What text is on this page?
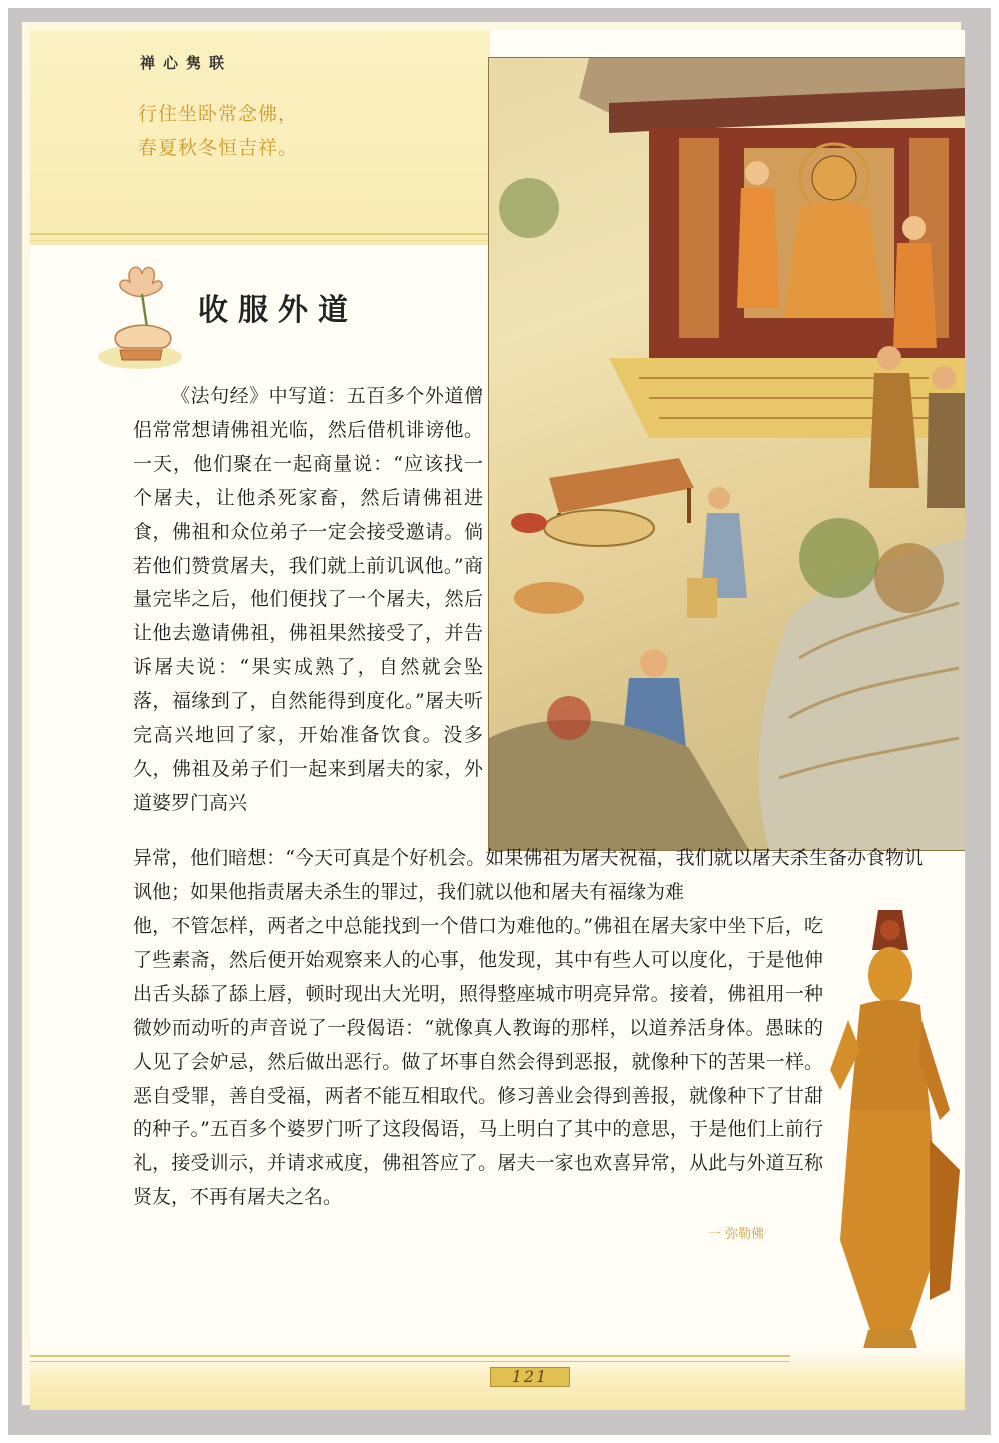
禅心隽联
行住坐卧常念佛，
春夏秋冬恒吉祥。
收服外道
《法句经》中写道：五百多个外道僧侣常常想请佛祖光临，然后借机诽谤他。一天，他们聚在一起商量说：“应该找一个屠夫，让他杀死家畜，然后请佛祖进食，佛祖和众位弟子一定会接受邀请。倘若他们赞赏屠夫，我们就上前讥讽他。”商量完毕之后，他们便找了一个屠夫，然后让他去邀请佛祖，佛祖果然接受了，并告诉屠夫说：“果实成熟了，自然就会坠落，福缘到了，自然能得到度化。”屠夫听完高兴地回了家，开始准备饮食。没多久，佛祖及弟子们一起来到屠夫的家，外道婆罗门高兴
异常，他们暗想：“今天可真是个好机会。如果佛祖为屠夫祝福，我们就以屠夫杀生备办食物讥讽他；如果他指责屠夫杀生的罪过，我们就以他和屠夫有福缘为难
他，不管怎样，两者之中总能找到一个借口为难他的。”佛祖在屠夫家中坐下后，吃了些素斋，然后便开始观察来人的心事，他发现，其中有些人可以度化，于是他伸出舌头舔了舔上唇，顿时现出大光明，照得整座城市明亮异常。接着，佛祖用一种微妙而动听的声音说了一段偈语：“就像真人教诲的那样，以道养活身体。愚昧的人见了会妒忌，然后做出恶行。做了坏事自然会得到恶报，就像种下的苦果一样。恶自受罪，善自受福，两者不能互相取代。修习善业会得到善报，就像种下了甘甜的种子。”五百多个婆罗门听了这段偈语，马上明白了其中的意思，于是他们上前行礼，接受训示，并请求戒度，佛祖答应了。屠夫一家也欢喜异常，从此与外道互称贤友，不再有屠夫之名。
一 弥勒佛
121
